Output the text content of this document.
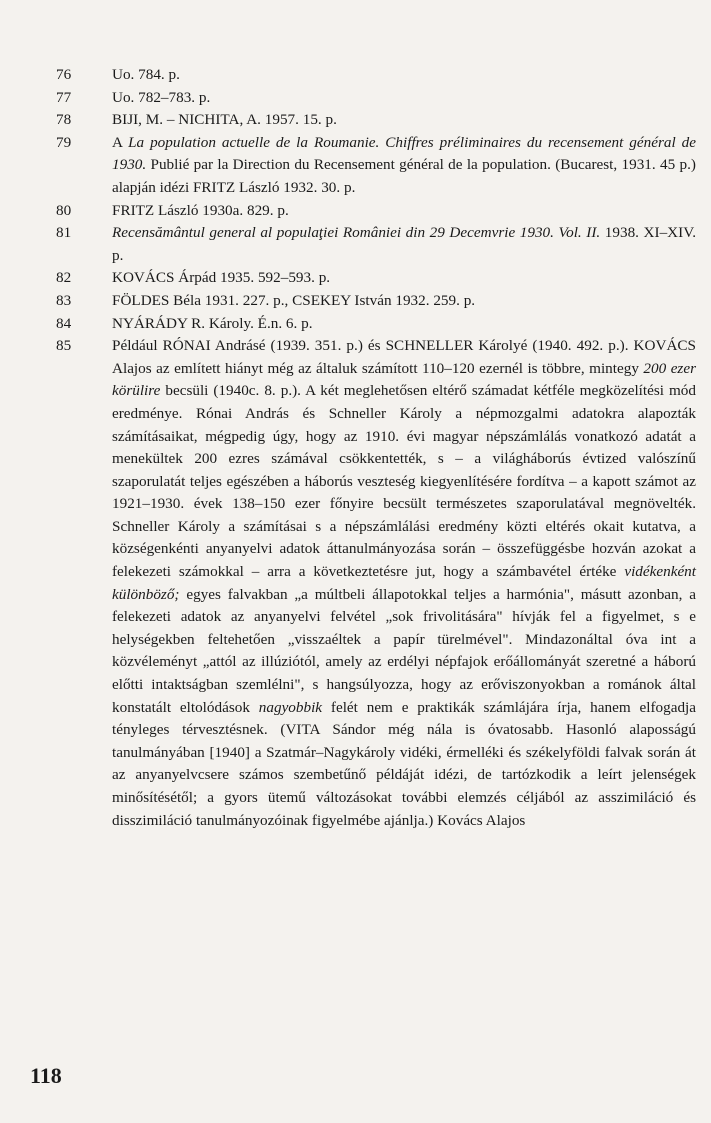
76	Uo. 784. p.
77	Uo. 782–783. p.
78	BIJI, M. – NICHITA, A. 1957. 15. p.
79	A La population actuelle de la Roumanie. Chiffres préliminaires du recensement général de 1930. Publié par la Direction du Recensement général de la population. (Bucarest, 1931. 45 p.) alapján idézi FRITZ László 1932. 30. p.
80	FRITZ László 1930a. 829. p.
81	Recensământul general al populaţiei României din 29 Decemvrie 1930. Vol. II. 1938. XI–XIV. p.
82	KOVÁCS Árpád 1935. 592–593. p.
83	FÖLDES Béla 1931. 227. p., CSEKEY István 1932. 259. p.
84	NYÁRÁDY R. Károly. É.n. 6. p.
85	Például RÓNAI Andrásé (1939. 351. p.) és SCHNELLER Károlyé (1940. 492. p.). KOVÁCS Alajos az említett hiányt még az általuk számított 110–120 ezernél is többre, mintegy 200 ezer körülire becsüli (1940c. 8. p.). A két meglehetősen eltérő számadat kétféle megközelítési mód eredménye. Rónai András és Schneller Károly a népmozgalmi adatokra alapozták számításaikat, mégpedig úgy, hogy az 1910. évi magyar népszámlálás vonatkozó adatát a menekültek 200 ezres számával csökkentették, s – a világháborús évtized valószínű szaporulatát teljes egészében a háborús veszteség kiegyenlítésére fordítva – a kapott számot az 1921–1930. évek 138–150 ezer főnyire becsült természetes szaporulatával megnövelték. Schneller Károly a számításai s a népszámlálási eredmény közti eltérés okait kutatva, a községenkénti anyanyelvi adatok áttanulmányozása során – összefüggésbe hozván azokat a felekezeti számokkal – arra a következtetésre jut, hogy a számbavétel értéke vidékenként különböző; egyes falvakban „a múltbeli állapotokkal teljes a harmónia", másutt azonban, a felekezeti adatok az anyanyelvi felvétel „sok frivolitására" hívják fel a figyelmet, s e helységekben feltehetően „visszaéltek a papír türelmével". Mindazonáltal óva int a közvéleményt „attól az illúziótól, amely az erdélyi népfajok erőállományát szeretné a háború előtti intaktságban szemlélni", s hangsúlyozza, hogy az erőviszonyokban a románok által konstatált eltolódások nagyobbik felét nem e praktikák számlájára írja, hanem elfogadja tényleges térvesztésnek. (VITA Sándor még nála is óvatosabb. Hasonló alaposságú tanulmányában [1940] a Szatmár–Nagykároly vidéki, érmelléki és székelyföldi falvak során át az anyanyelvcsere számos szembetűnő példáját idézi, de tartózkodik a leírt jelenségek minősítésétől; a gyors ütemű változásokat további elemzés céljából az asszimiláció és disszimiláció tanulmányozóinak figyelmébe ajánlja.) Kovács Alajos
118
